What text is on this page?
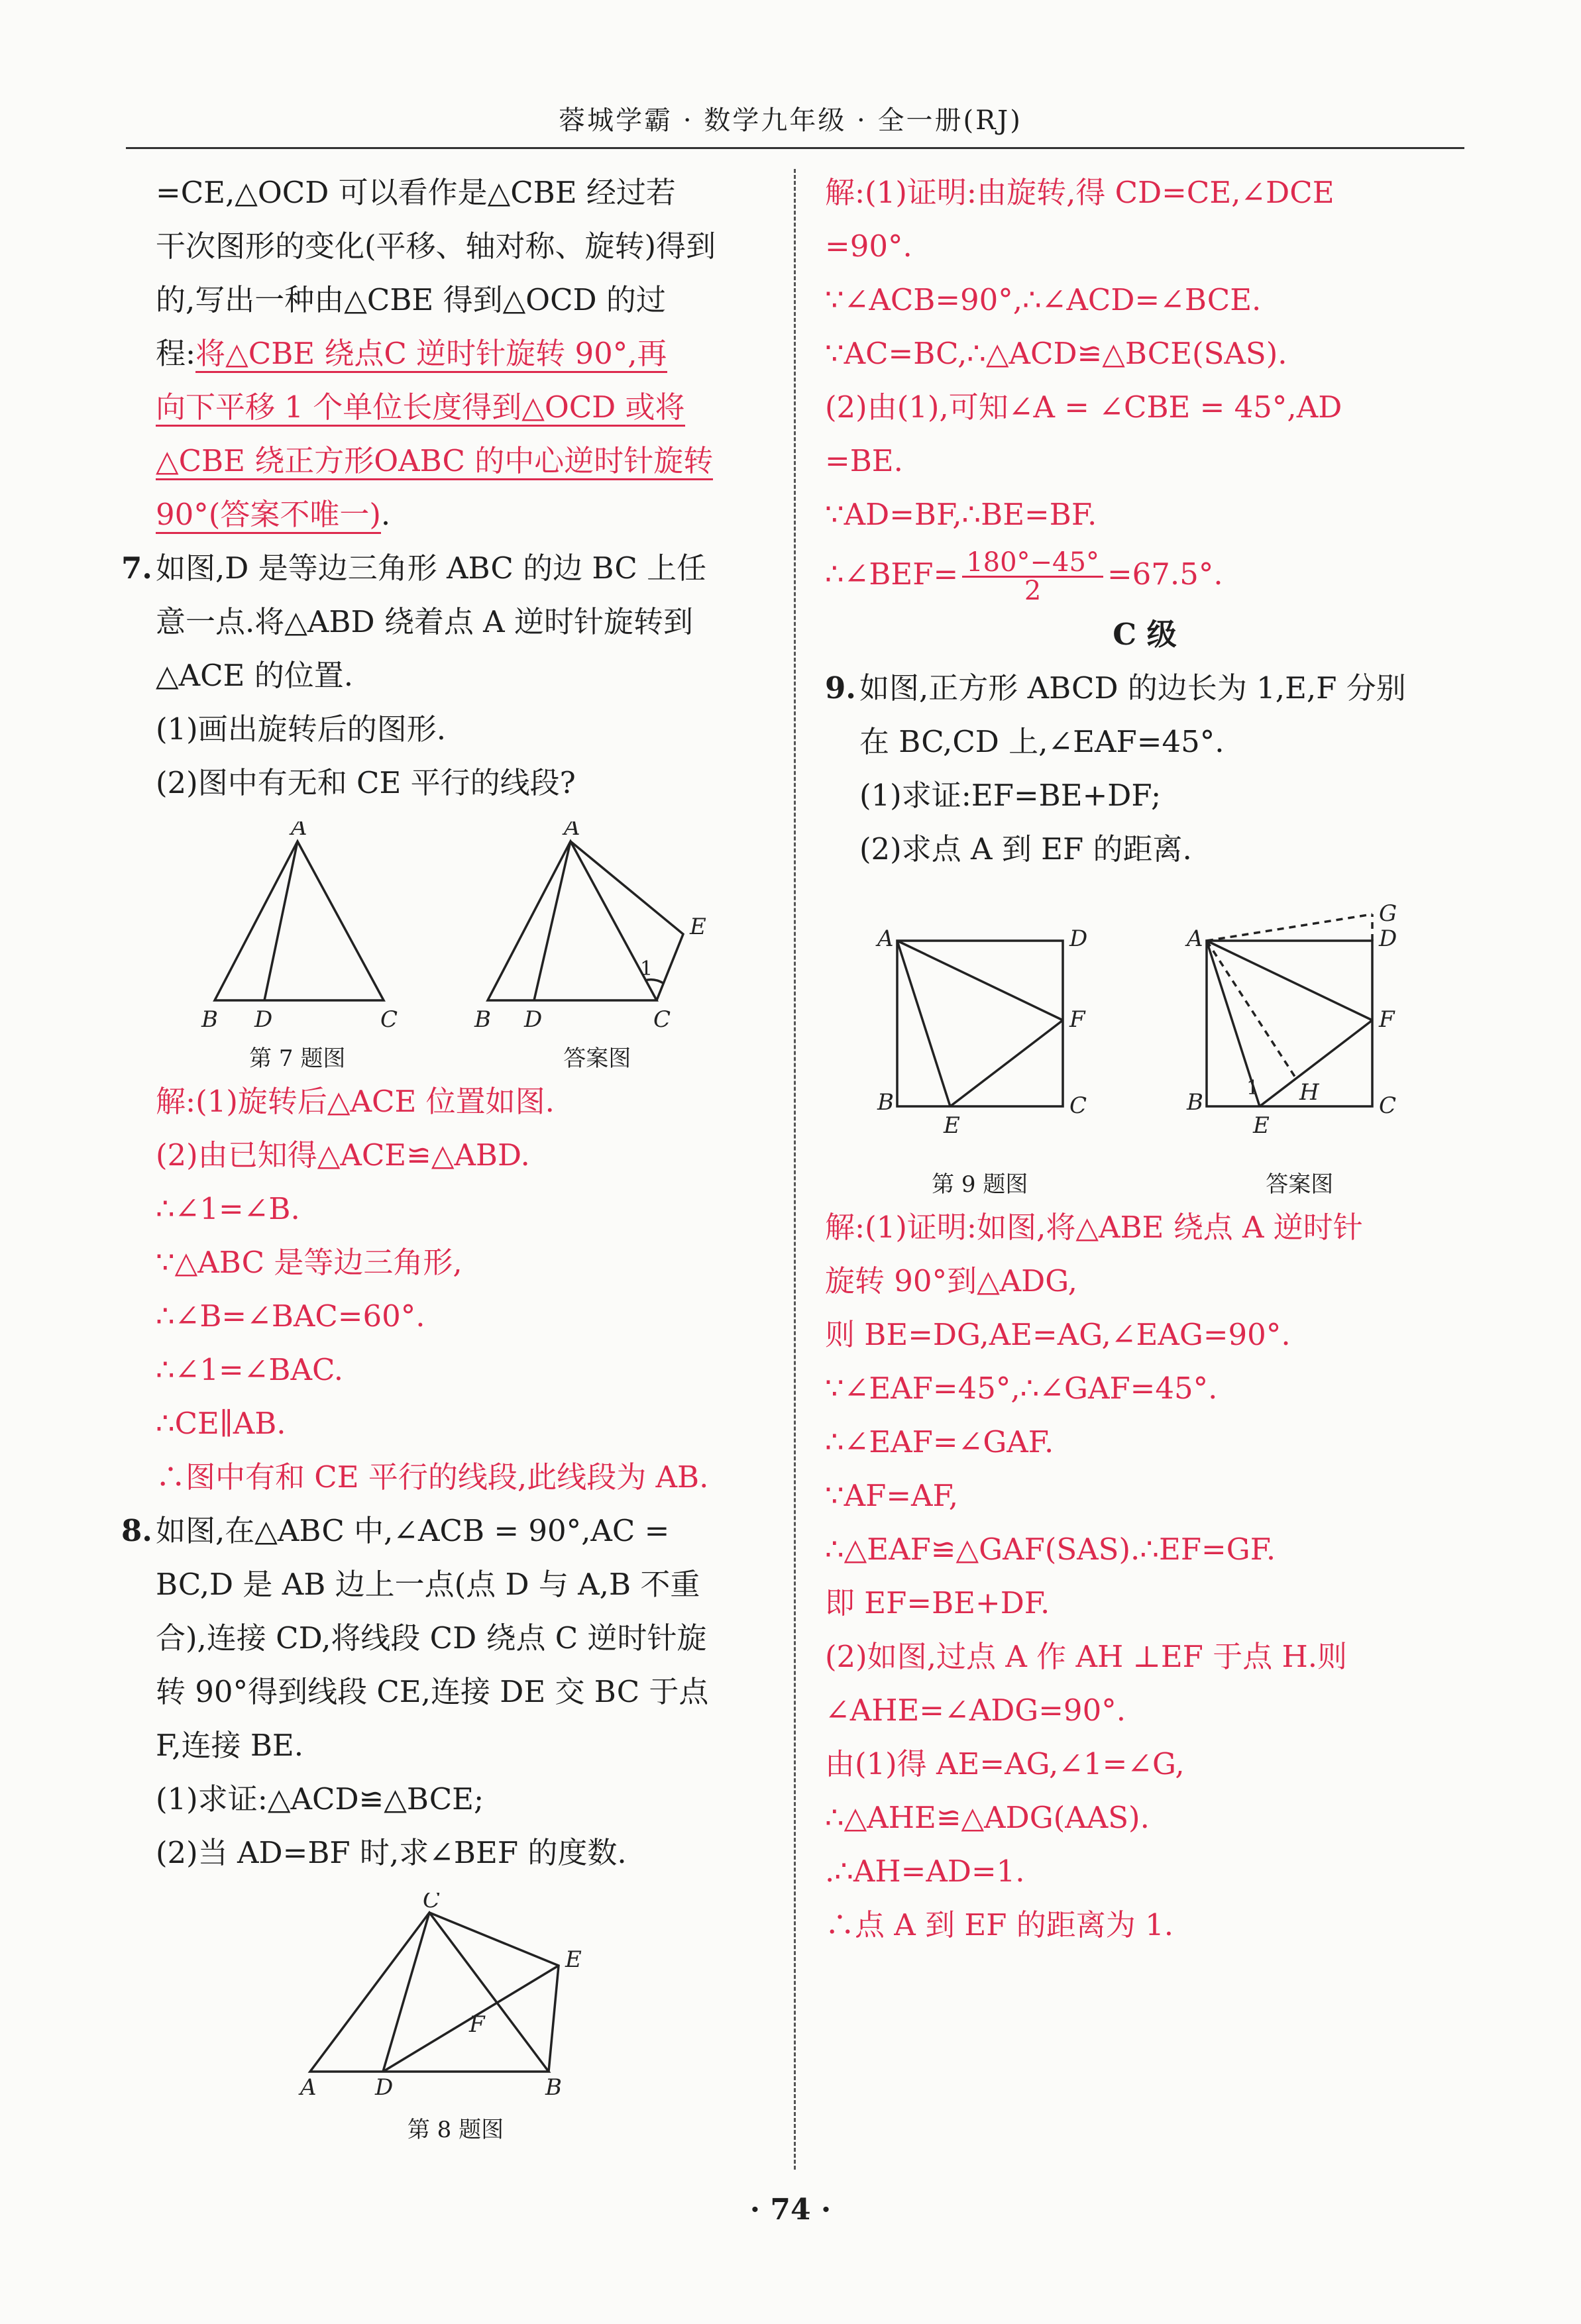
蓉城学霸 · 数学九年级 · 全一册(RJ)
=CE,△OCD 可以看作是△CBE 经过若
干次图形的变化(平移、轴对称、旋转)得到
的,写出一种由△CBE 得到△OCD 的过
程:将△CBE 绕点C 逆时针旋转 90°,再
向下平移 1 个单位长度得到△OCD 或将
△CBE 绕正方形OABC 的中心逆时针旋转
90°(答案不唯一).
7. 如图,D 是等边三角形 ABC 的边 BC 上任
意一点.将△ABD 绕着点 A 逆时针旋转到
△ACE 的位置.
(1)画出旋转后的图形.
(2)图中有无和 CE 平行的线段?
A
B D	C
第 7 题图
A
B D	C
E
1
答案图
解:(1)旋转后△ACE 位置如图.
(2)由已知得△ACE≌△ABD.
∴∠1=∠B.
∵△ABC 是等边三角形,
∴∠B=∠BAC=60°.
∴∠1=∠BAC.
∴CE∥AB.
∴图中有和 CE 平行的线段,此线段为 AB.
8. 如图,在△ABC 中,∠ACB = 90°,AC =
BC,D 是 AB 边上一点(点 D 与 A,B 不重
合),连接 CD,将线段 CD 绕点 C 逆时针旋
转 90°得到线段 CE,连接 DE 交 BC 于点
F,连接 BE.
(1)求证:△ACD≌△BCE;
(2)当 AD=BF 时,求∠BEF 的度数.
C
A	D	B
E
F
第 8 题图
解:(1)证明:由旋转,得 CD=CE,∠DCE
=90°.
∵∠ACB=90°,∴∠ACD=∠BCE.
∵AC=BC,∴△ACD≌△BCE(SAS).
(2)由(1),可知∠A = ∠CBE = 45°,AD
=BE.
∵AD=BF,∴BE=BF.
∴∠BEF= $\frac{180^\circ-45^\circ}{2} =67.5^\circ$.
C 级
9. 如图,正方形 ABCD 的边长为 1,E,F 分别
在 BC,CD 上,∠EAF=45°.
(1)求证:EF=BE+DF;
(2)求点 A 到 EF 的距离.
A	D
B	C
E
F
第 9 题图
A	D
G
B	C
E
F
H
1
答案图
解:(1)证明:如图,将△ABE 绕点 A 逆时针
旋转 90°到△ADG,
则 BE=DG,AE=AG,∠EAG=90°.
∵∠EAF=45°,∴∠GAF=45°.
∴∠EAF=∠GAF.
∵AF=AF,
∴△EAF≌△GAF(SAS).∴EF=GF.
即 EF=BE+DF.
(2)如图,过点 A 作 AH ⊥EF 于点 H.则
∠AHE=∠ADG=90°.
由(1)得 AE=AG,∠1=∠G,
∴△AHE≌△ADG(AAS).
.∴AH=AD=1.
∴点 A 到 EF 的距离为 1.
· 74 ·
